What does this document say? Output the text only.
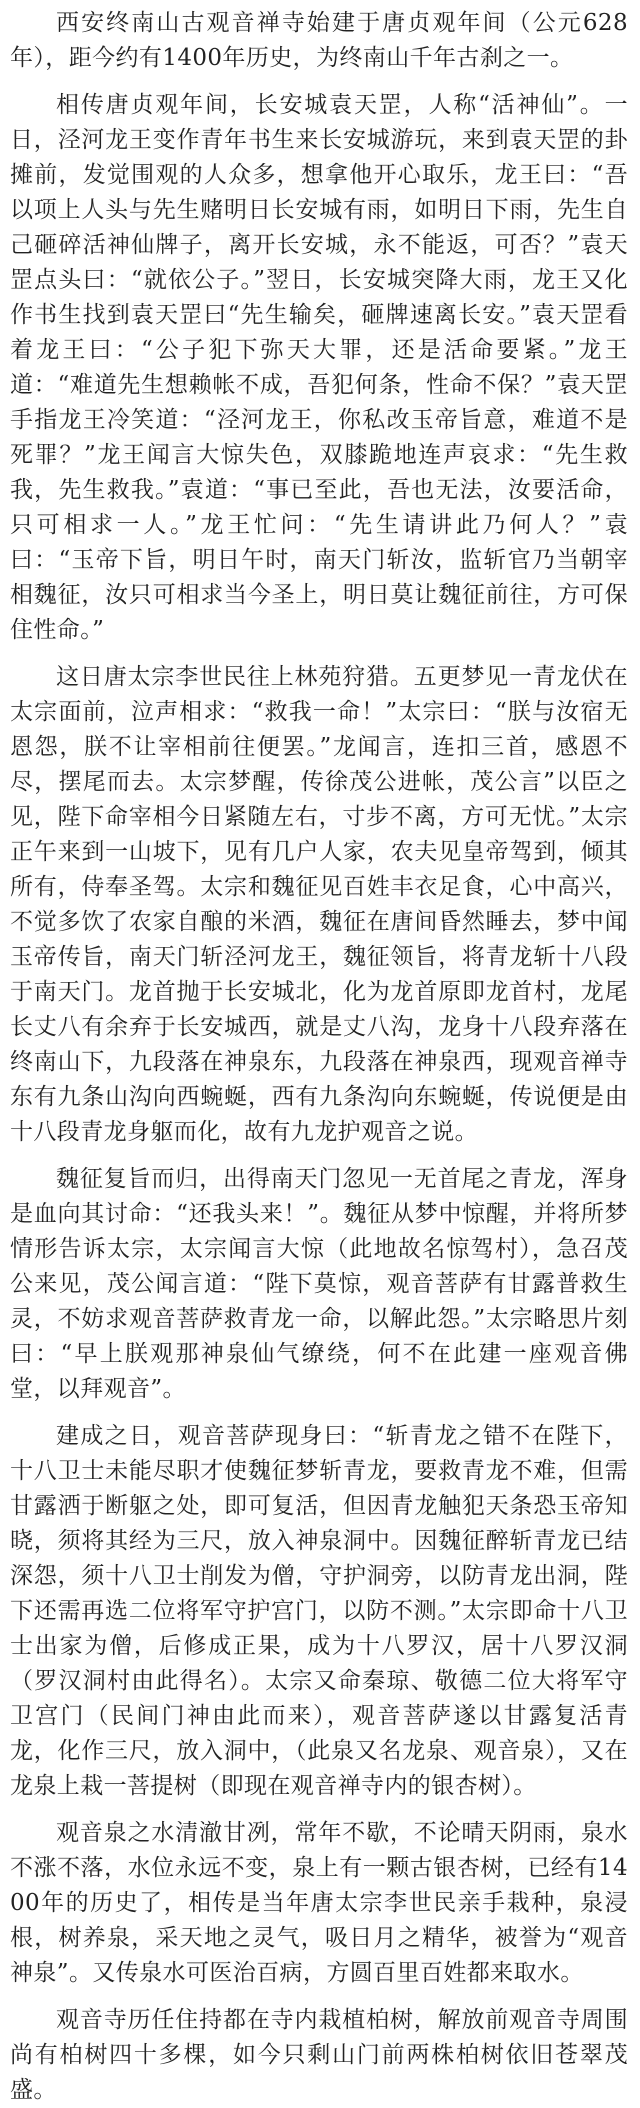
西安终南山古观音禅寺始建于唐贞观年间（公元628年），距今约有1400年历史，为终南山千年古刹之一。

相传唐贞观年间，长安城袁天罡，人称“活神仙”。一日，泾河龙王变作青年书生来长安城游玩，来到袁天罡的卦摊前，发觉围观的人众多，想拿他开心取乐，龙王曰：“吾以项上人头与先生赌明日长安城有雨，如明日下雨，先生自己砸碎活神仙牌子，离开长安城，永不能返，可否？”袁天罡点头曰：“就依公子。”翌日，长安城突降大雨，龙王又化作书生找到袁天罡曰“先生输矣，砸牌速离长安。”袁天罡看着龙王曰：“公子犯下弥天大罪，还是活命要紧。”龙王道：“难道先生想赖帐不成，吾犯何条，性命不保？”袁天罡手指龙王冷笑道：“泾河龙王，你私改玉帝旨意，难道不是死罪？”龙王闻言大惊失色，双膝跪地连声哀求：“先生救我，先生救我。”袁道：“事已至此，吾也无法，汝要活命，只可相求一人。”龙王忙问：“先生请讲此乃何人？”袁曰：“玉帝下旨，明日午时，南天门斩汝，监斩官乃当朝宰相魏征，汝只可相求当今圣上，明日莫让魏征前往，方可保住性命。”

这日唐太宗李世民往上林苑狩猎。五更梦见一青龙伏在太宗面前，泣声相求：“救我一命！”太宗曰：“朕与汝宿无恩怨，朕不让宰相前往便罢。”龙闻言，连扣三首，感恩不尽，摆尾而去。太宗梦醒，传徐茂公进帐，茂公言”以臣之见，陛下命宰相今日紧随左右，寸步不离，方可无忧。”太宗正午来到一山坡下，见有几户人家，农夫见皇帝驾到，倾其所有，侍奉圣驾。太宗和魏征见百姓丰衣足食，心中高兴，不觉多饮了农家自酿的米酒，魏征在唐间昏然睡去，梦中闻玉帝传旨，南天门斩泾河龙王，魏征领旨，将青龙斩十八段于南天门。龙首抛于长安城北，化为龙首原即龙首村，龙尾长丈八有余弃于长安城西，就是丈八沟，龙身十八段弃落在终南山下，九段落在神泉东，九段落在神泉西，现观音禅寺东有九条山沟向西蜿蜒，西有九条沟向东蜿蜒，传说便是由十八段青龙身躯而化，故有九龙护观音之说。

魏征复旨而归，出得南天门忽见一无首尾之青龙，浑身是血向其讨命：“还我头来！”。魏征从梦中惊醒，并将所梦情形告诉太宗，太宗闻言大惊（此地故名惊驾村），急召茂公来见，茂公闻言道：“陛下莫惊，观音菩萨有甘露普救生灵，不妨求观音菩萨救青龙一命，以解此怨。”太宗略思片刻曰：“早上朕观那神泉仙气缭绕，何不在此建一座观音佛堂，以拜观音”。

建成之日，观音菩萨现身曰：“斩青龙之错不在陛下，十八卫士未能尽职才使魏征梦斩青龙，要救青龙不难，但需甘露洒于断躯之处，即可复活，但因青龙触犯天条恐玉帝知晓，须将其经为三尺，放入神泉洞中。因魏征醉斩青龙已结深怨，须十八卫士削发为僧，守护洞旁，以防青龙出洞，陛下还需再选二位将军守护宫门，以防不测。”太宗即命十八卫士出家为僧，后修成正果，成为十八罗汉，居十八罗汉洞（罗汉洞村由此得名）。太宗又命秦琼、敬德二位大将军守卫宫门（民间门神由此而来），观音菩萨遂以甘露复活青龙，化作三尺，放入洞中，（此泉又名龙泉、观音泉），又在龙泉上栽一菩提树（即现在观音禅寺内的银杏树）。

观音泉之水清澈甘冽，常年不歇，不论晴天阴雨，泉水不涨不落，水位永远不变，泉上有一颗古银杏树，已经有1400年的历史了，相传是当年唐太宗李世民亲手栽种，泉浸根，树养泉，采天地之灵气，吸日月之精华，被誉为“观音神泉”。又传泉水可医治百病，方圆百里百姓都来取水。

观音寺历任住持都在寺内栽植柏树，解放前观音寺周围尚有柏树四十多棵，如今只剩山门前两株柏树依旧苍翠茂盛。
